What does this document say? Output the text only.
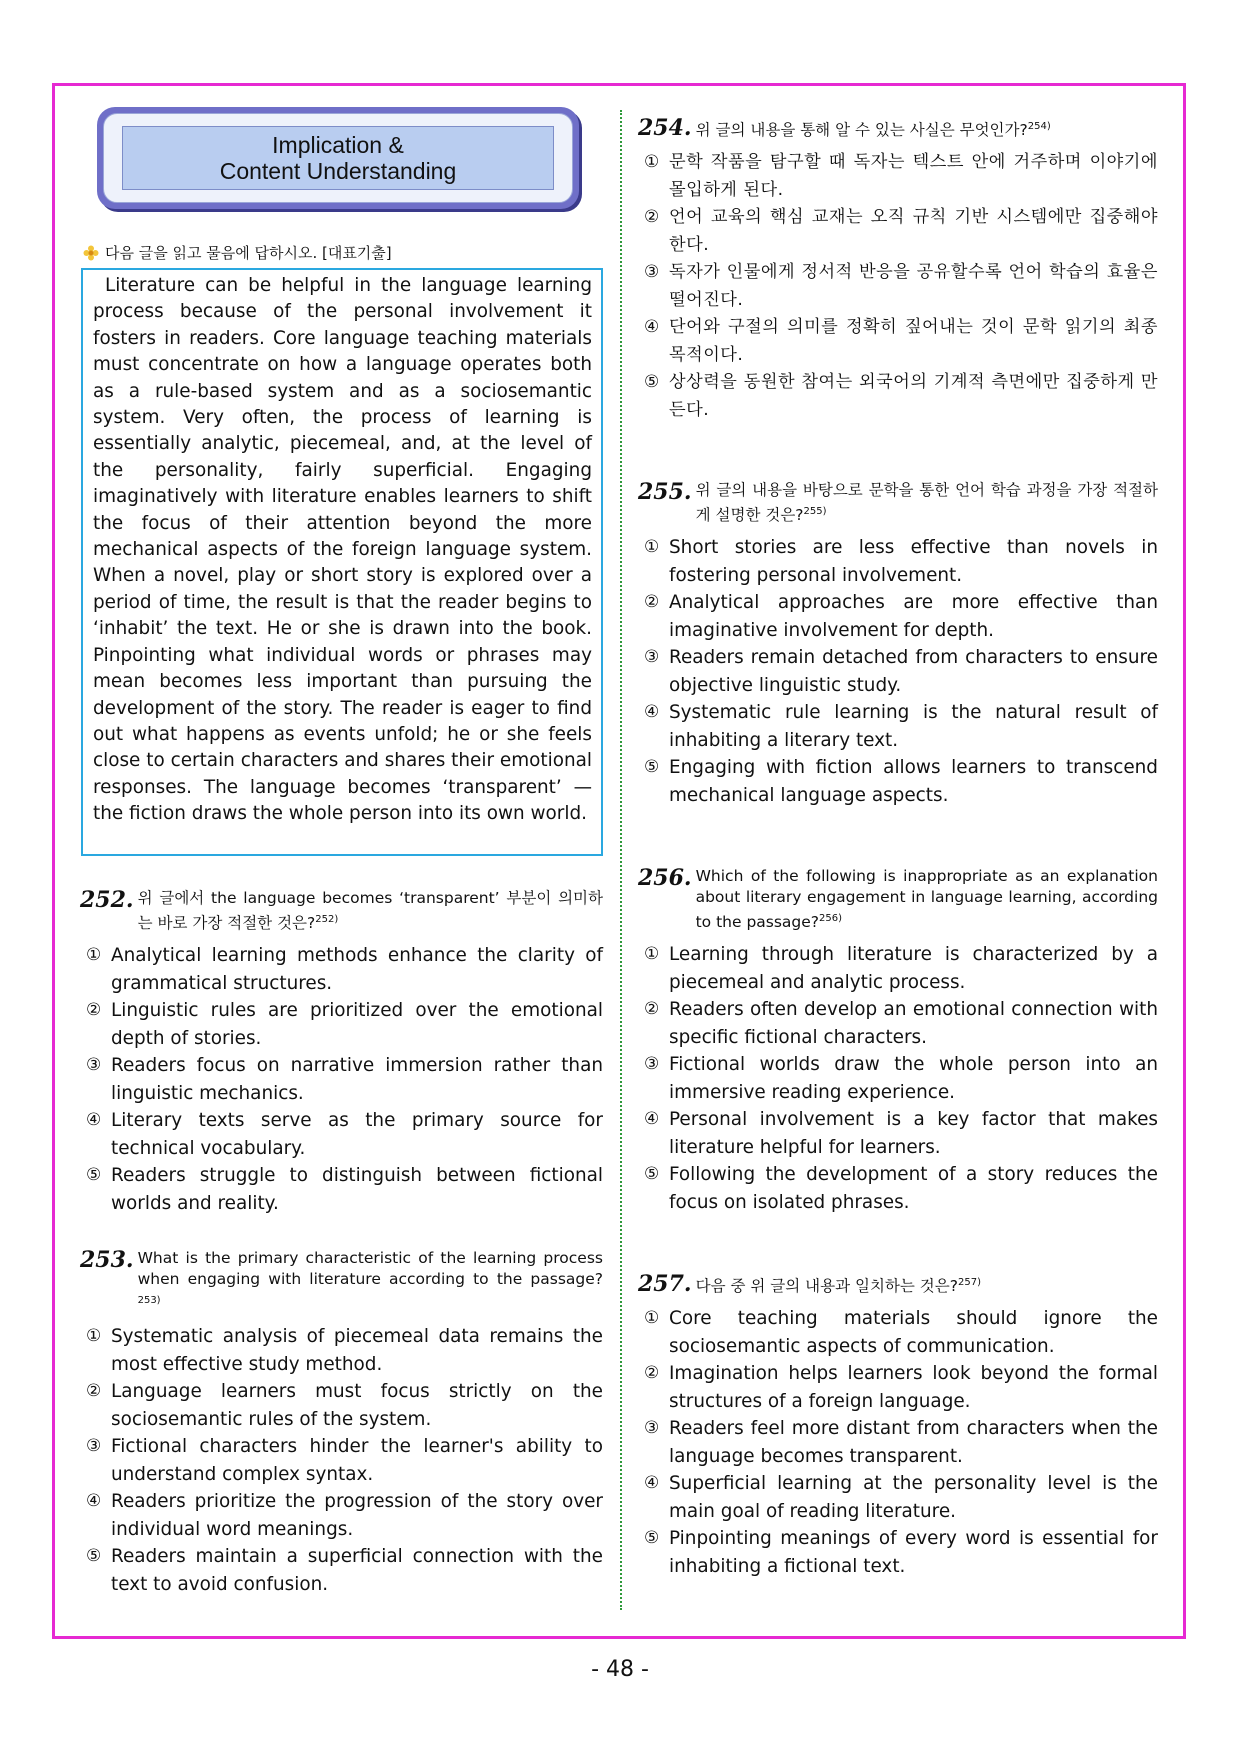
Implication &
Content Understanding
다음 글을 읽고 물음에 답하시오. [대표기출]

Literature can be helpful in the language learning process because of the personal involvement it fosters in readers. Core language teaching materials must concentrate on how a language operates both as a rule-based system and as a sociosemantic system. Very often, the process of learning is essentially analytic, piecemeal, and, at the level of the personality, fairly superficial. Engaging imaginatively with literature enables learners to shift the focus of their attention beyond the more mechanical aspects of the foreign language system. When a novel, play or short story is explored over a period of time, the result is that the reader begins to ‘inhabit’ the text. He or she is drawn into the book. Pinpointing what individual words or phrases may mean becomes less important than pursuing the development of the story. The reader is eager to find out what happens as events unfold; he or she feels close to certain characters and shares their emotional responses. The language becomes ‘transparent’ — the fiction draws the whole person into its own world.

252. 위 글에서 the language becomes ‘transparent’ 부분이 의미하는 바로 가장 적절한 것은?$^{252)}$
① Analytical learning methods enhance the clarity of grammatical structures.
② Linguistic rules are prioritized over the emotional depth of stories.
③ Readers focus on narrative immersion rather than linguistic mechanics.
④ Literary texts serve as the primary source for technical vocabulary.
⑤ Readers struggle to distinguish between fictional worlds and reality.
253. What is the primary characteristic of the learning process when engaging with literature according to the passage?$^{253)}$
① Systematic analysis of piecemeal data remains the most effective study method.
② Language learners must focus strictly on the sociosemantic rules of the system.
③ Fictional characters hinder the learner's ability to understand complex syntax.
④ Readers prioritize the progression of the story over individual word meanings.
⑤ Readers maintain a superficial connection with the text to avoid confusion.
254. 위 글의 내용을 통해 알 수 있는 사실은 무엇인가?$^{254)}$
① 문학 작품을 탐구할 때 독자는 텍스트 안에 거주하며 이야기에 몰입하게 된다.
② 언어 교육의 핵심 교재는 오직 규칙 기반 시스템에만 집중해야 한다.
③ 독자가 인물에게 정서적 반응을 공유할수록 언어 학습의 효율은 떨어진다.
④ 단어와 구절의 의미를 정확히 짚어내는 것이 문학 읽기의 최종 목적이다.
⑤ 상상력을 동원한 참여는 외국어의 기계적 측면에만 집중하게 만든다.
255. 위 글의 내용을 바탕으로 문학을 통한 언어 학습 과정을 가장 적절하게 설명한 것은?$^{255)}$
① Short stories are less effective than novels in fostering personal involvement.
② Analytical approaches are more effective than imaginative involvement for depth.
③ Readers remain detached from characters to ensure objective linguistic study.
④ Systematic rule learning is the natural result of inhabiting a literary text.
⑤ Engaging with fiction allows learners to transcend mechanical language aspects.
256. Which of the following is inappropriate as an explanation about literary engagement in language learning, according to the passage?$^{256)}$
① Learning through literature is characterized by a piecemeal and analytic process.
② Readers often develop an emotional connection with specific fictional characters.
③ Fictional worlds draw the whole person into an immersive reading experience.
④ Personal involvement is a key factor that makes literature helpful for learners.
⑤ Following the development of a story reduces the focus on isolated phrases.
257. 다음 중 위 글의 내용과 일치하는 것은?$^{257)}$
① Core teaching materials should ignore the sociosemantic aspects of communication.
② Imagination helps learners look beyond the formal structures of a foreign language.
③ Readers feel more distant from characters when the language becomes transparent.
④ Superficial learning at the personality level is the main goal of reading literature.
⑤ Pinpointing meanings of every word is essential for inhabiting a fictional text.
- 48 -
